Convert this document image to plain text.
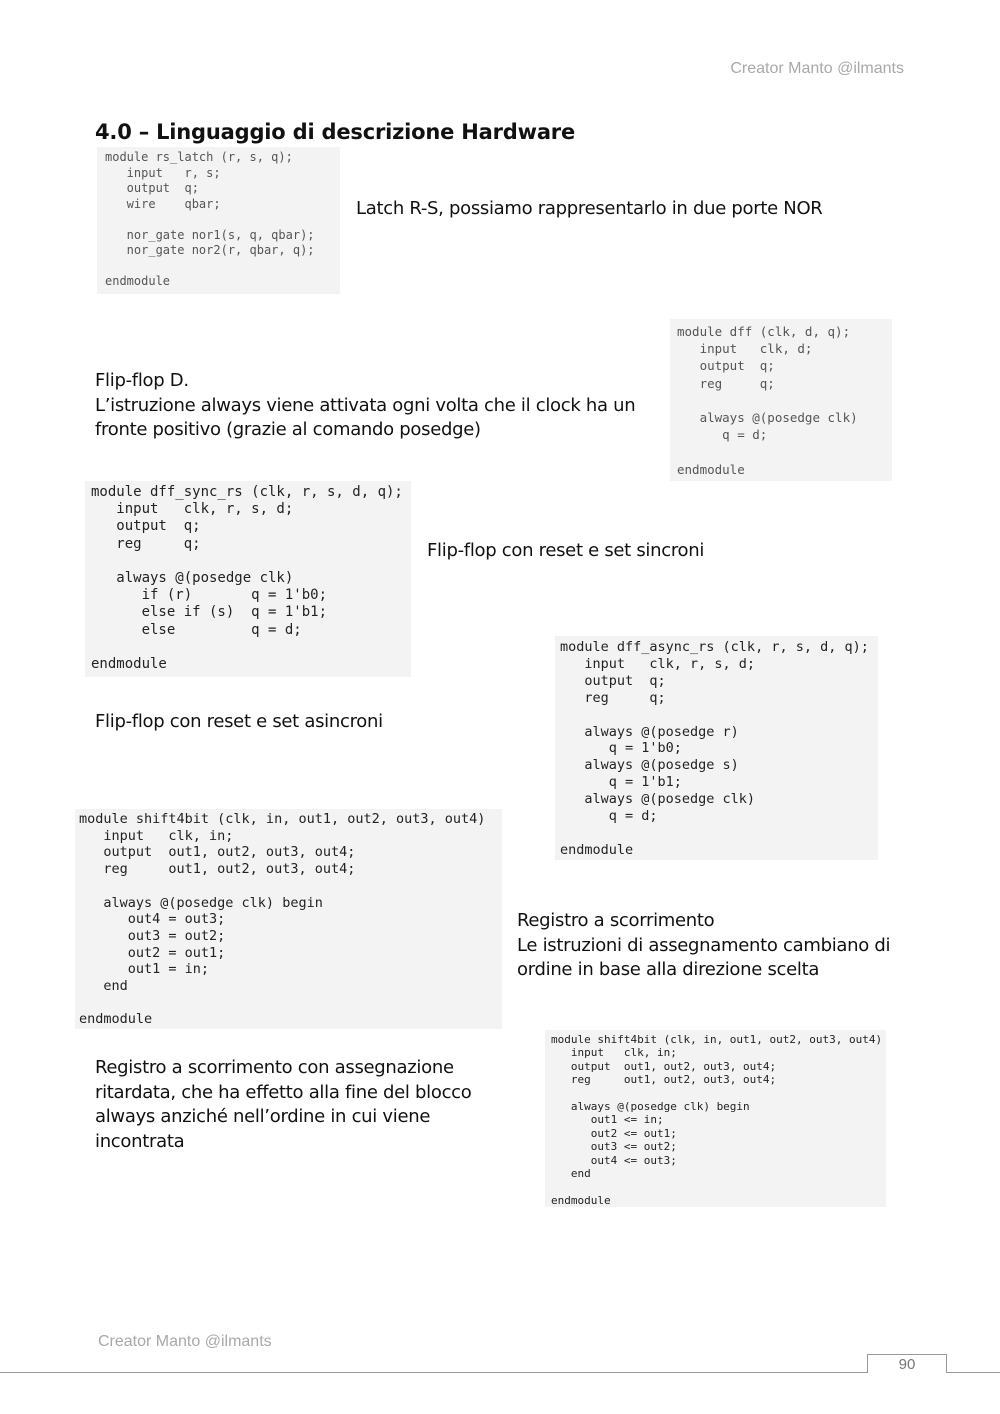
Creator Manto @ilmants
4.0 – Linguaggio di descrizione Hardware
module rs_latch (r, s, q);
input   r, s;
output  q;
wire    qbar;

nor_gate nor1(s, q, qbar);
nor_gate nor2(r, qbar, q);

endmodule
Latch R-S, possiamo rappresentarlo in due porte NOR
module dff (clk, d, q);
input   clk, d;
output  q;
reg     q;

always @(posedge clk)
q = d;

endmodule
Flip-flop D.
L’istruzione always viene attivata ogni volta che il clock ha un
fronte positivo (grazie al comando posedge)
module dff_sync_rs (clk, r, s, d, q);
input   clk, r, s, d;
output  q;
reg     q;

always @(posedge clk)
if (r)       q = 1'b0;
else if (s)  q = 1'b1;
else         q = d;

endmodule
Flip-flop con reset e set sincroni
module dff_async_rs (clk, r, s, d, q);
input   clk, r, s, d;
output  q;
reg     q;

always @(posedge r)
q = 1'b0;
always @(posedge s)
q = 1'b1;
always @(posedge clk)
q = d;

endmodule
Flip-flop con reset e set asincroni
module shift4bit (clk, in, out1, out2, out3, out4)
input   clk, in;
output  out1, out2, out3, out4;
reg     out1, out2, out3, out4;

always @(posedge clk) begin
out4 = out3;
out3 = out2;
out2 = out1;
out1 = in;
end

endmodule
Registro a scorrimento
Le istruzioni di assegnamento cambiano di
ordine in base alla direzione scelta
module shift4bit (clk, in, out1, out2, out3, out4)
input   clk, in;
output  out1, out2, out3, out4;
reg     out1, out2, out3, out4;

always @(posedge clk) begin
out1 <= in;
out2 <= out1;
out3 <= out2;
out4 <= out3;
end

endmodule
Registro a scorrimento con assegnazione
ritardata, che ha effetto alla fine del blocco
always anziché nell’ordine in cui viene
incontrata
Creator Manto @ilmants
90
